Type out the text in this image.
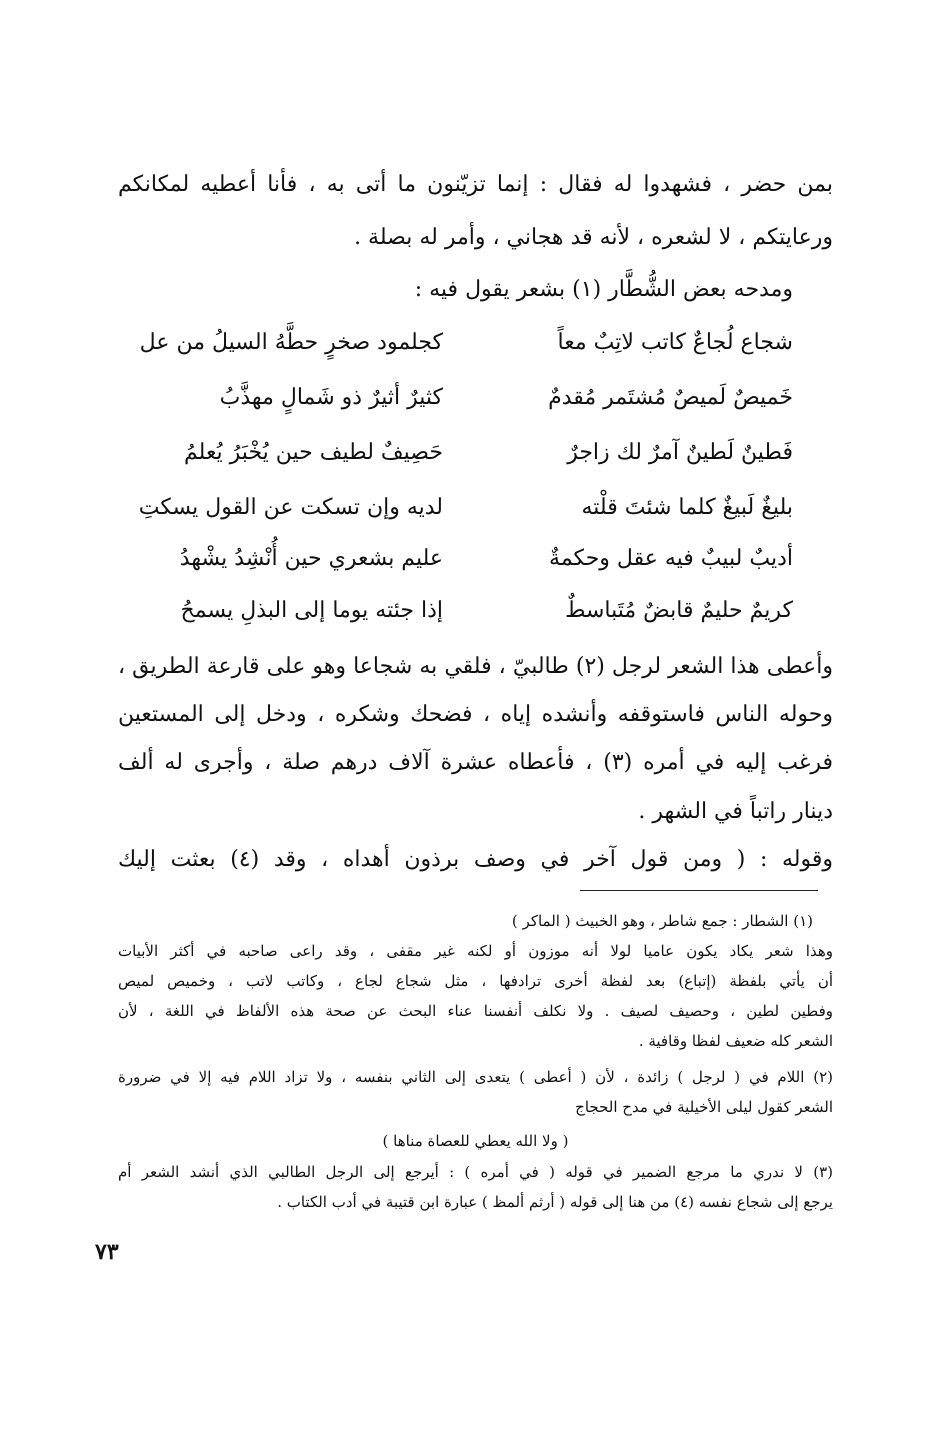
بمن حضر ، فشهدوا له فقال : إنما تزيّنون ما أتى به ، فأنا أعطيه لمكانكم
ورعايتكم ، لا لشعره ، لأنه قد هجاني ، وأمر له بصلة .
ومدحه بعض الشُّطَّار (١) بشعر يقول فيه :
شجاع لُجاعٌ كاتب لاتِبٌ معاً
كجلمود صخرٍ حطَّهُ السيلُ من عل
خَميصٌ لَميصٌ مُشتَمر مُقدمٌ
كثيرٌ أثيرٌ ذو شَمالٍ مهذَّبُ
فَطينٌ لَطينٌ آمرٌ لك زاجرٌ
حَصِيفٌ لطيف حين يُخْبَرُ يُعلمُ
بليغٌ لَبيغٌ كلما شئتَ قلْته
لديه وإن تسكت عن القول يسكتِ
أديبٌ لبيبٌ فيه عقل وحكمةٌ
عليم بشعري حين أُنْشِدُ يشْهدُ
كريمٌ حليمٌ قابضٌ مُتَباسطٌ
إذا جئته يوما إلى البذلِ يسمحُ
وأعطى هذا الشعر لرجل (٢) طالبيّ ، فلقي به شجاعا وهو على قارعة الطريق ،
وحوله الناس فاستوقفه وأنشده إياه ، فضحك وشكره ، ودخل إلى المستعين
فرغب إليه في أمره (٣) ، فأعطاه عشرة آلاف درهم صلة ، وأجرى له ألف
دينار راتباً في الشهر .
وقوله : ( ومن قول آخر في وصف برذون أهداه ، وقد (٤) بعثت إليك
(١) الشطار : جمع شاطر ، وهو الخبيث ( الماكر )
وهذا شعر يكاد يكون عاميا لولا أنه موزون أو لكنه غير مقفى ، وقد راعى صاحبه في أكثر الأبيات
أن يأتي بلفظة (إتباع) بعد لفظة أخرى ترادفها ، مثل شجاع لجاع ، وكاتب لاتب ، وخميص لميص
وفطين لطين ، وحصيف لصيف . ولا نكلف أنفسنا عناء البحث عن صحة هذه الألفاظ في اللغة ، لأن
الشعر كله ضعيف لفظا وقافية .
(٢) اللام في ( لرجل ) زائدة ، لأن ( أعطى ) يتعدى إلى الثاني بنفسه ، ولا تزاد اللام فيه إلا في ضرورة
الشعر كقول ليلى الأخيلية في مدح الحجاج
( ولا الله يعطي للعصاة مناها )
(٣) لا ندري ما مرجع الضمير في قوله ( في أمره ) : أيرجع إلى الرجل الطالبي الذي أنشد الشعر أم
يرجع إلى شجاع نفسه (٤) من هنا إلى قوله ( أرثم ألمظ ) عبارة ابن قتيبة في أدب الكتاب .
٧٣
